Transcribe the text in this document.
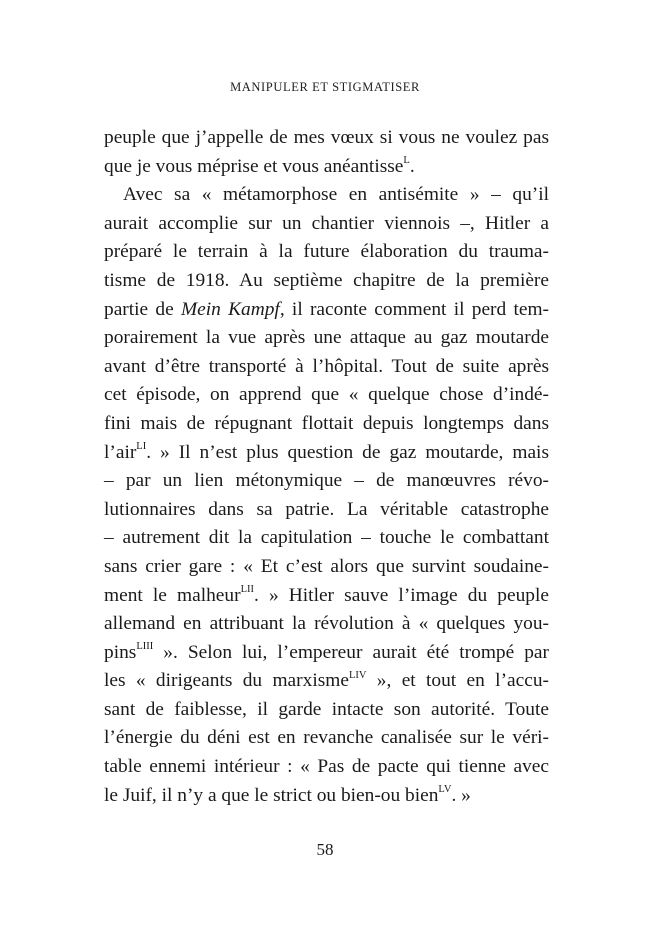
MANIPULER ET STIGMATISER
peuple que j’appelle de mes vœux si vous ne voulez pas
que je vous méprise et vous anéantisse$^L$.
Avec sa « métamorphose en antisémite » – qu’il
aurait accomplie sur un chantier viennois –, Hitler a
préparé le terrain à la future élaboration du trauma-
tisme de 1918. Au septième chapitre de la première
partie de Mein Kampf, il raconte comment il perd tem-
porairement la vue après une attaque au gaz moutarde
avant d’être transporté à l’hôpital. Tout de suite après
cet épisode, on apprend que « quelque chose d’indé-
fini mais de répugnant flottait depuis longtemps dans
l’air$^{LI}$. » Il n’est plus question de gaz moutarde, mais
– par un lien métonymique – de manœuvres révo-
lutionnaires dans sa patrie. La véritable catastrophe
– autrement dit la capitulation – touche le combattant
sans crier gare : « Et c’est alors que survint soudaine-
ment le malheur$^{LII}$. » Hitler sauve l’image du peuple
allemand en attribuant la révolution à « quelques you-
pins$^{LIII}$ ». Selon lui, l’empereur aurait été trompé par
les « dirigeants du marxisme$^{LIV}$ », et tout en l’accu-
sant de faiblesse, il garde intacte son autorité. Toute
l’énergie du déni est en revanche canalisée sur le véri-
table ennemi intérieur : « Pas de pacte qui tienne avec
le Juif, il n’y a que le strict ou bien-ou bien$^{LV}$. »
58
